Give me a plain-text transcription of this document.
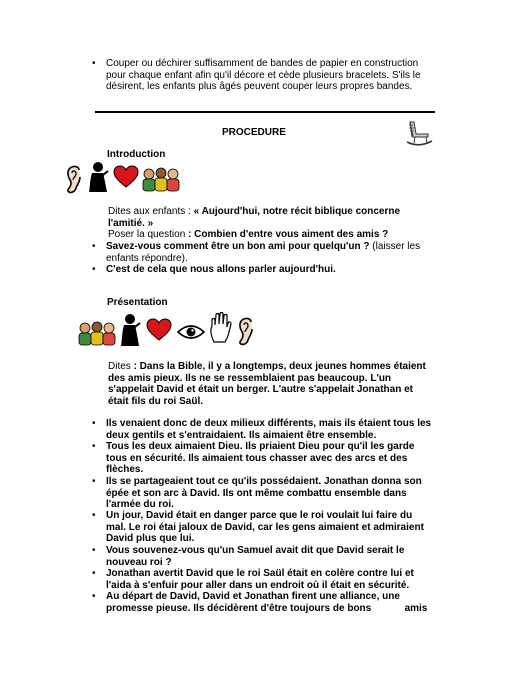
• Couper ou déchirer suffisamment de bandes de papier en construction pour chaque enfant afin qu'il décore et cède plusieurs bracelets. S'ils le désirent, les enfants plus âgés peuvent couper leurs propres bandes.
PROCEDURE
Introduction
Dites aux enfants : « Aujourd'hui, notre récit biblique concerne l'amitié. »
Poser la question : Combien d'entre vous aiment des amis ?
• Savez-vous comment être un bon ami pour quelqu'un ? (laisser les enfants répondre).
• C'est de cela que nous allons parler aujourd'hui.
Présentation
Dites : Dans la Bible, il y a longtemps, deux jeunes hommes étaient des amis pieux. Ils ne se ressemblaient pas beaucoup. L'un s'appelait David et était un berger. L'autre s'appelait Jonathan et était fils du roi Saül.
• Ils venaient donc de deux milieux différents, mais ils étaient tous les deux gentils et s'entraidaient. Ils aimaient être ensemble.
• Tous les deux aimaient Dieu. Ils priaient Dieu pour qu'il les garde tous en sécurité. Ils aimaient tous chasser avec des arcs et des flèches.
• Ils se partageaient tout ce qu'ils possédaient. Jonathan donna son épée et son arc à David. Ils ont même combattu ensemble dans l'armée du roi.
• Un jour, David était en danger parce que le roi voulait lui faire du mal. Le roi étai jaloux de David, car les gens aimaient et admiraient David plus que lui.
• Vous souvenez-vous qu'un Samuel avait dit que David serait le nouveau roi ?
• Jonathan avertit David que le roi Saül était en colère contre lui et l'aida à s'enfuir pour aller dans un endroit où il était en sécurité.
• Au départ de David, David et Jonathan firent une alliance, une promesse pieuse. Ils décidèrent d'être toujours de bons            amis
